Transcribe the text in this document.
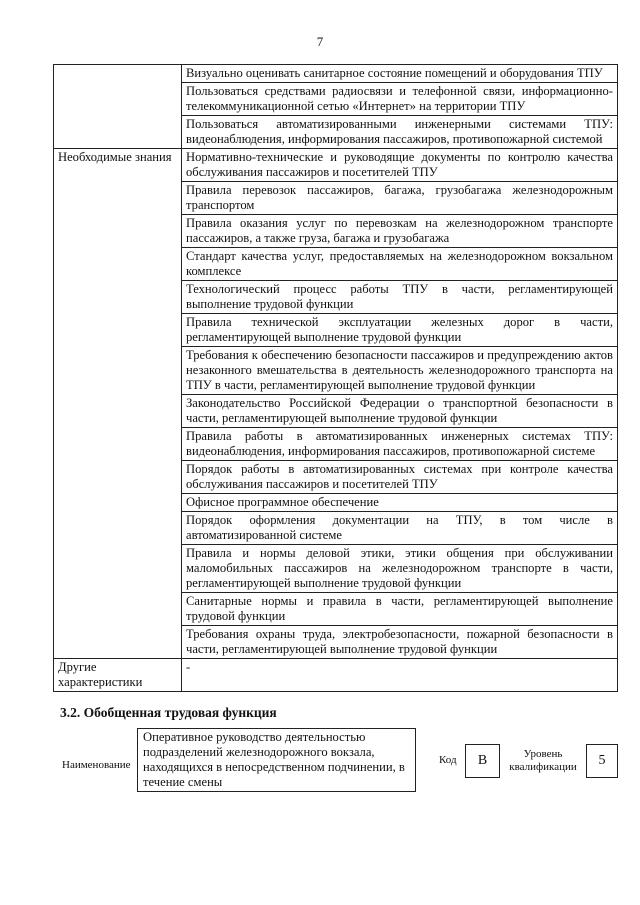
7
	Визуально оценивать санитарное состояние помещений и оборудования ТПУ
	Пользоваться средствами радиосвязи и телефонной связи, информационно-телекоммуникационной сетью «Интернет» на территории ТПУ
	Пользоваться автоматизированными инженерными системами ТПУ: видеонаблюдения, информирования пассажиров, противопожарной системой
Необходимые знания	Нормативно-технические и руководящие документы по контролю качества обслуживания пассажиров и посетителей ТПУ
	Правила перевозок пассажиров, багажа, грузобагажа железнодорожным транспортом
	Правила оказания услуг по перевозкам на железнодорожном транспорте пассажиров, а также груза, багажа и грузобагажа
	Стандарт качества услуг, предоставляемых на железнодорожном вокзальном комплексе
	Технологический процесс работы ТПУ в части, регламентирующей выполнение трудовой функции
	Правила технической эксплуатации железных дорог в части, регламентирующей выполнение трудовой функции
	Требования к обеспечению безопасности пассажиров и предупреждению актов незаконного вмешательства в деятельность железнодорожного транспорта на ТПУ в части, регламентирующей выполнение трудовой функции
	Законодательство Российской Федерации о транспортной безопасности в части, регламентирующей выполнение трудовой функции
	Правила работы в автоматизированных инженерных системах ТПУ: видеонаблюдения, информирования пассажиров, противопожарной системе
	Порядок работы в автоматизированных системах при контроле качества обслуживания пассажиров и посетителей ТПУ
	Офисное программное обеспечение
	Порядок оформления документации на ТПУ, в том числе в автоматизированной системе
	Правила и нормы деловой этики, этики общения при обслуживании маломобильных пассажиров на железнодорожном транспорте в части, регламентирующей выполнение трудовой функции
	Санитарные нормы и правила в части, регламентирующей выполнение трудовой функции
	Требования охраны труда, электробезопасности, пожарной безопасности в части, регламентирующей выполнение трудовой функции
Другие характеристики	-
3.2. Обобщенная трудовая функция
Наименование
Оперативное руководство деятельностью подразделений железнодорожного вокзала, находящихся в непосредственном подчинении, в течение смены
Код	В	Уровень квалификации	5
